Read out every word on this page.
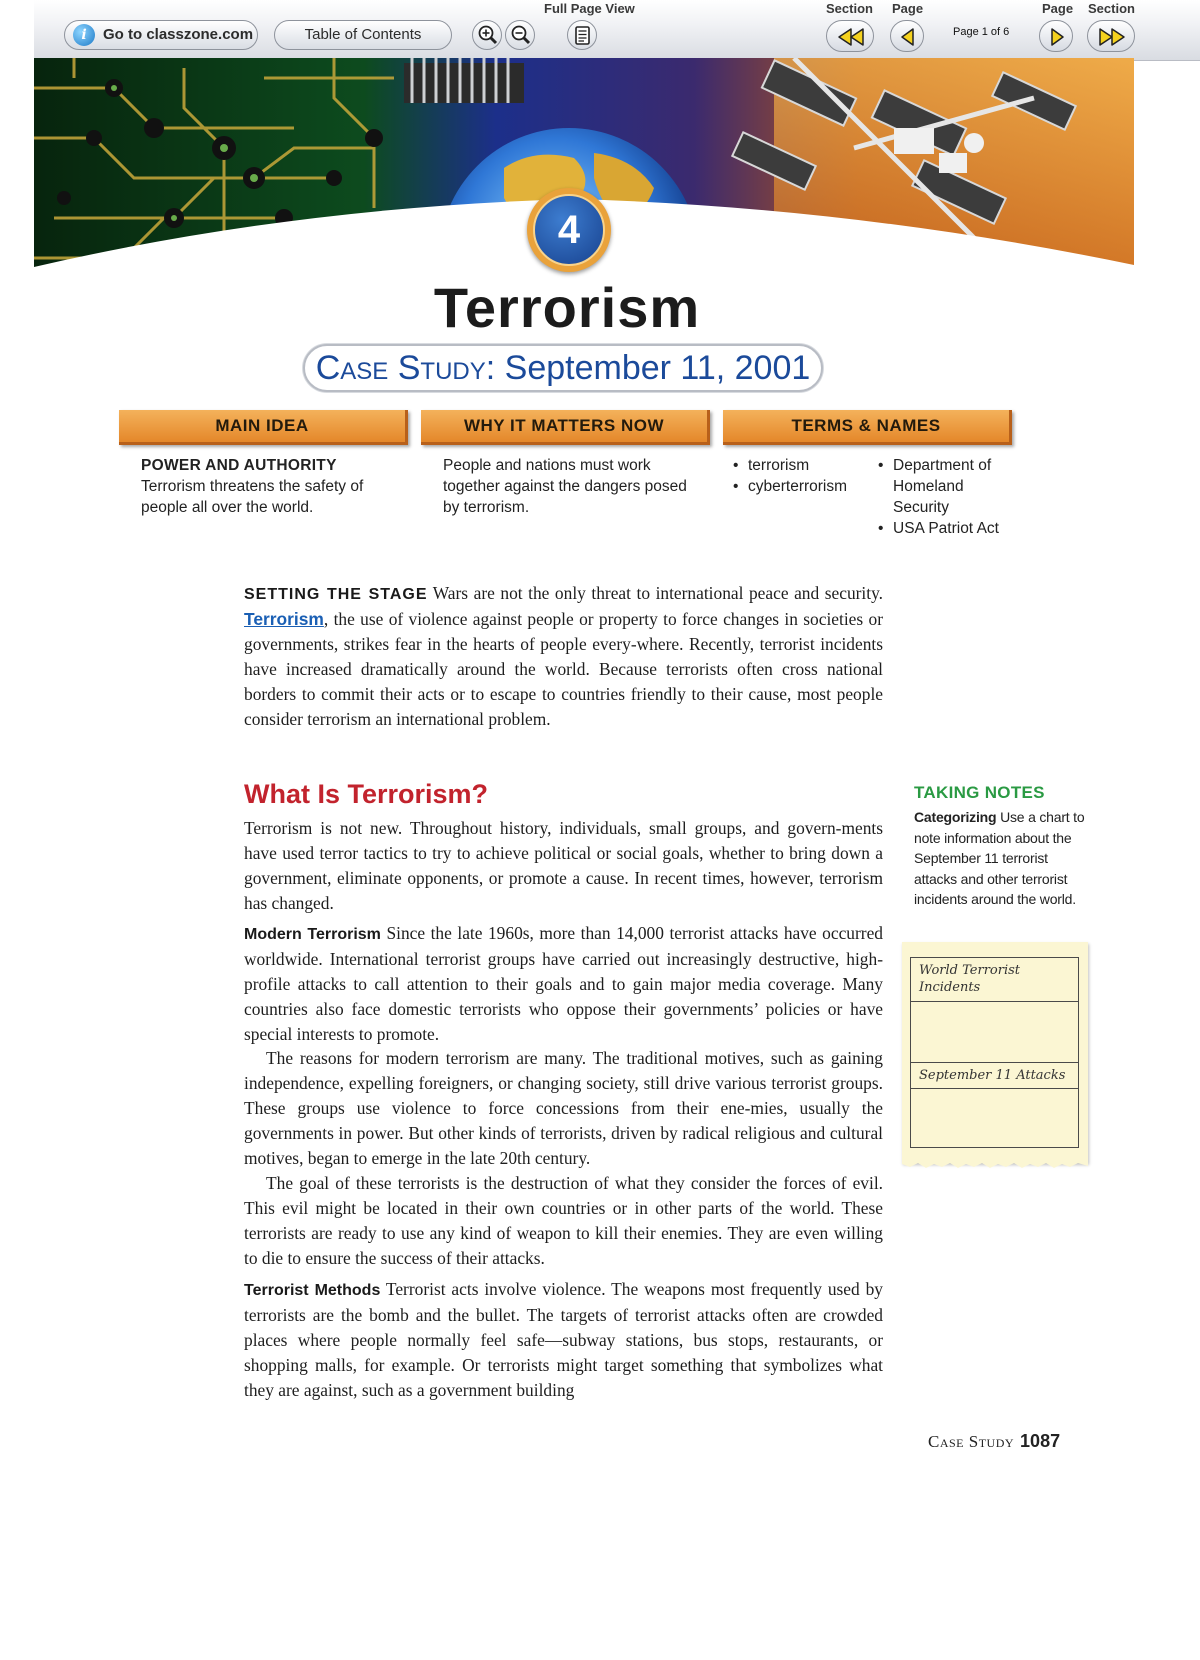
i	Go to classzone.com	Table of Contents
Full Page View	Section Page	Page Section
Page 1 of 6
4
Terrorism
Case Study: September 11, 2001
MAIN IDEA	WHY IT MATTERS NOW	TERMS & NAMES
POWER AND AUTHORITY
Terrorism threatens the safety of people all over the world.
People and nations must work together against the dangers posed by terrorism.
• terrorism
• cyberterrorism
• Department of Homeland Security
• USA Patriot Act

SETTING THE STAGE Wars are not the only threat to international peace and security. Terrorism, the use of violence against people or property to force changes in societies or governments, strikes fear in the hearts of people every-where. Recently, terrorist incidents have increased dramatically around the world. Because terrorists often cross national borders to commit their acts or to escape to countries friendly to their cause, most people consider terrorism an international problem.

What Is Terrorism?

Terrorism is not new. Throughout history, individuals, small groups, and govern-ments have used terror tactics to try to achieve political or social goals, whether to bring down a government, eliminate opponents, or promote a cause. In recent times, however, terrorism has changed.

Modern Terrorism Since the late 1960s, more than 14,000 terrorist attacks have occurred worldwide. International terrorist groups have carried out increasingly destructive, high-profile attacks to call attention to their goals and to gain major media coverage. Many countries also face domestic terrorists who oppose their governments’ policies or have special interests to promote.

The reasons for modern terrorism are many. The traditional motives, such as gaining independence, expelling foreigners, or changing society, still drive various terrorist groups. These groups use violence to force concessions from their ene-mies, usually the governments in power. But other kinds of terrorists, driven by radical religious and cultural motives, began to emerge in the late 20th century.

The goal of these terrorists is the destruction of what they consider the forces of evil. This evil might be located in their own countries or in other parts of the world. These terrorists are ready to use any kind of weapon to kill their enemies. They are even willing to die to ensure the success of their attacks.

Terrorist Methods Terrorist acts involve violence. The weapons most frequently used by terrorists are the bomb and the bullet. The targets of terrorist attacks often are crowded places where people normally feel safe—subway stations, bus stops, restaurants, or shopping malls, for example. Or terrorists might target something that symbolizes what they are against, such as a government building

TAKING NOTES
Categorizing Use a chart to note information about the September 11 terrorist attacks and other terrorist incidents around the world.
World Terrorist Incidents
September 11 Attacks
Case Study 1087
